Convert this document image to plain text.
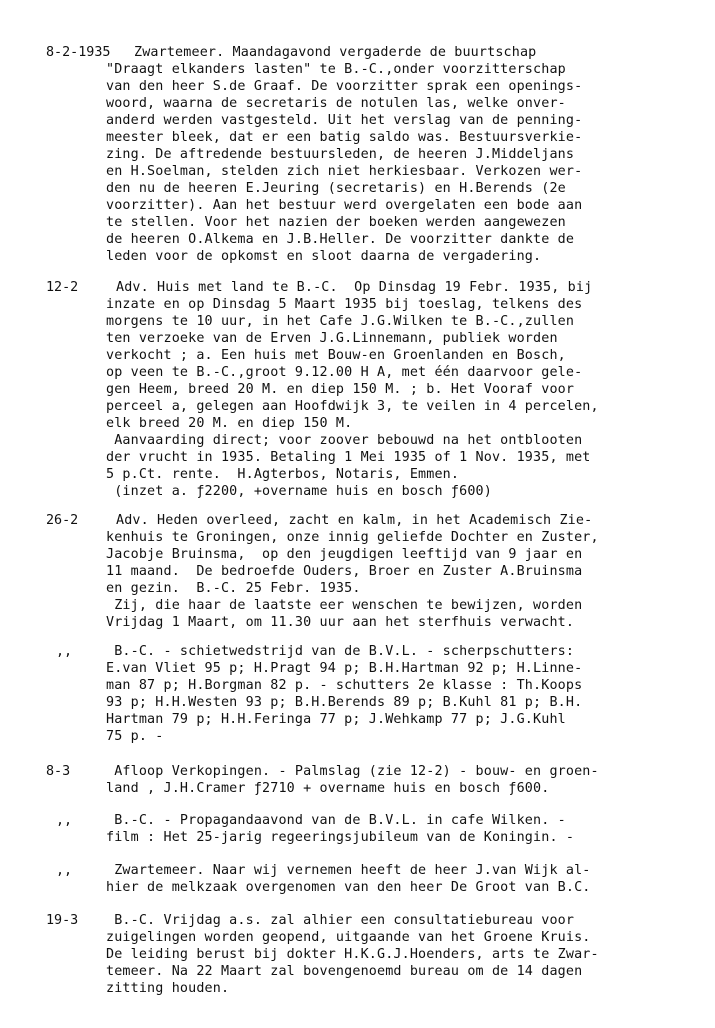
8-2-1935 Zwartemeer. Maandagavond vergaderde de buurtschap
"Draagt elkanders lasten" te B.-C.,onder voorzitterschap
van den heer S.de Graaf. De voorzitter sprak een openings-
woord, waarna de secretaris de notulen las, welke onver-
anderd werden vastgesteld. Uit het verslag van de penning-
meester bleek, dat er een batig saldo was. Bestuursverkie-
zing. De aftredende bestuursleden, de heeren J.Middeljans
en H.Soelman, stelden zich niet herkiesbaar. Verkozen wer-
den nu de heeren E.Jeuring (secretaris) en H.Berends (2e
voorzitter). Aan het bestuur werd overgelaten een bode aan
te stellen. Voor het nazien der boeken werden aangewezen
de heeren O.Alkema en J.B.Heller. De voorzitter dankte de
leden voor de opkomst en sloot daarna de vergadering.
12-2	Adv. Huis met land te B.-C.  Op Dinsdag 19 Febr. 1935, bij
inzate en op Dinsdag 5 Maart 1935 bij toeslag, telkens des
morgens te 10 uur, in het Cafe J.G.Wilken te B.-C.,zullen
ten verzoeke van de Erven J.G.Linnemann, publiek worden
verkocht ; a. Een huis met Bouw-en Groenlanden en Bosch,
op veen te B.-C.,groot 9.12.00 H A, met één daarvoor gele-
gen Heem, breed 20 M. en diep 150 M. ; b. Het Vooraf voor
perceel a, gelegen aan Hoofdwijk 3, te veilen in 4 percelen,
elk breed 20 M. en diep 150 M.
Aanvaarding direct; voor zoover bebouwd na het ontblooten
der vrucht in 1935. Betaling 1 Mei 1935 of 1 Nov. 1935, met
5 p.Ct. rente.  H.Agterbos, Notaris, Emmen.
(inzet a. ƒ2200, +overname huis en bosch ƒ600)
26-2	Adv. Heden overleed, zacht en kalm, in het Academisch Zie-
kenhuis te Groningen, onze innig geliefde Dochter en Zuster,
Jacobje Bruinsma,  op den jeugdigen leeftijd van 9 jaar en
11 maand.  De bedroefde Ouders, Broer en Zuster A.Bruinsma
en gezin.  B.-C. 25 Febr. 1935.
Zij, die haar de laatste eer wenschen te bewijzen, worden
Vrijdag 1 Maart, om 11.30 uur aan het sterfhuis verwacht.
,,	B.-C. - schietwedstrijd van de B.V.L. - scherpschutters:
E.van Vliet 95 p; H.Pragt 94 p; B.H.Hartman 92 p; H.Linne-
man 87 p; H.Borgman 82 p. - schutters 2e klasse : Th.Koops
93 p; H.H.Westen 93 p; B.H.Berends 89 p; B.Kuhl 81 p; B.H.
Hartman 79 p; H.H.Feringa 77 p; J.Wehkamp 77 p; J.G.Kuhl
75 p. -
8-3	Afloop Verkopingen. - Palmslag (zie 12-2) - bouw- en groen-
land , J.H.Cramer ƒ2710 + overname huis en bosch ƒ600.
,,	B.-C. - Propagandaavond van de B.V.L. in cafe Wilken. -
film : Het 25-jarig regeeringsjubileum van de Koningin. -
,,	Zwartemeer. Naar wij vernemen heeft de heer J.van Wijk al-
hier de melkzaak overgenomen van den heer De Groot van B.C.
19-3 B.-C. Vrijdag a.s. zal alhier een consultatiebureau voor
zuigelingen worden geopend, uitgaande van het Groene Kruis.
De leiding berust bij dokter H.K.G.J.Hoenders, arts te Zwar-
temeer. Na 22 Maart zal bovengenoemd bureau om de 14 dagen
zitting houden.
